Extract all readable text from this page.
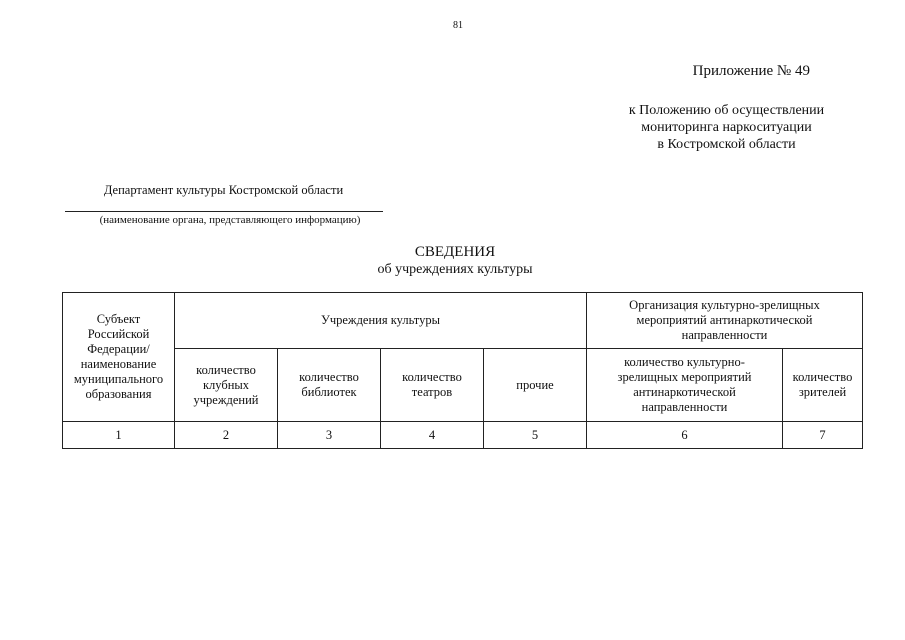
81
Приложение № 49
к Положению об осуществлении
мониторинга наркоситуации
в Костромской области
Департамент культуры Костромской области
(наименование органа, представляющего информацию)
СВЕДЕНИЯ
об учреждениях культуры
Субъект Российской Федерации/наименование муниципального образования	Учреждения культуры				Организация культурно-зрелищных мероприятий антинаркотической направленности	
	количество клубных учреждений	количество библиотек	количество театров	прочие	количество культурно-зрелищных мероприятий антинаркотической направленности	количество зрителей
1	2	3	4	5	6	7
